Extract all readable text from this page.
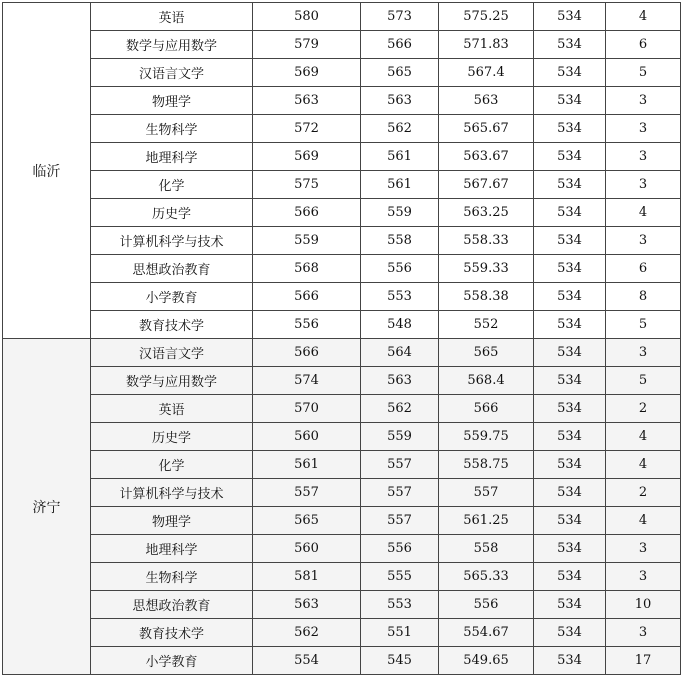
临沂	英语	580	573	575.25	534	4
	数学与应用数学	579	566	571.83	534	6
	汉语言文学	569	565	567.4	534	5
	物理学	563	563	563	534	3
	生物科学	572	562	565.67	534	3
	地理科学	569	561	563.67	534	3
	化学	575	561	567.67	534	3
	历史学	566	559	563.25	534	4
	计算机科学与技术	559	558	558.33	534	3
	思想政治教育	568	556	559.33	534	6
	小学教育	566	553	558.38	534	8
	教育技术学	556	548	552	534	5
济宁	汉语言文学	566	564	565	534	3
	数学与应用数学	574	563	568.4	534	5
	英语	570	562	566	534	2
	历史学	560	559	559.75	534	4
	化学	561	557	558.75	534	4
	计算机科学与技术	557	557	557	534	2
	物理学	565	557	561.25	534	4
	地理科学	560	556	558	534	3
	生物科学	581	555	565.33	534	3
	思想政治教育	563	553	556	534	10
	教育技术学	562	551	554.67	534	3
	小学教育	554	545	549.65	534	17
